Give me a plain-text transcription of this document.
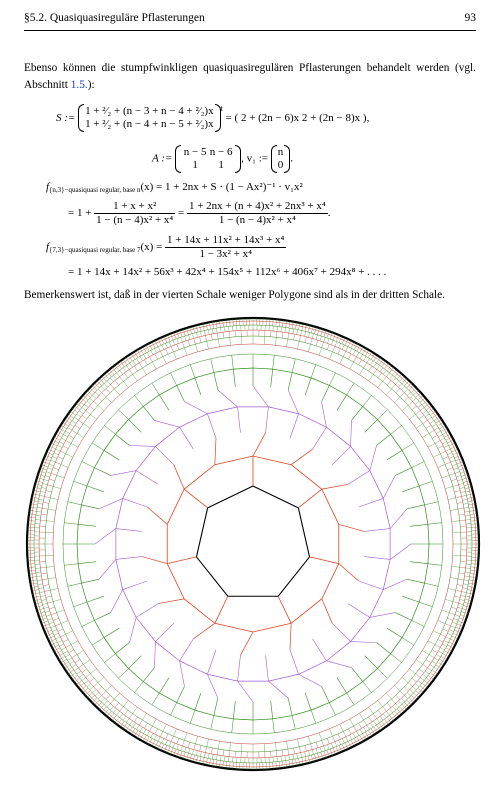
§5.2. Quasiquasireguläre Pflasterungen	93
Ebenso können die stumpfwinkligen quasiquasiregulären Pflasterungen behandelt werden (vgl. Abschnitt 1.5.):
S :=
1 + ²⁄₂ + (n − 3 + n − 4 + ²⁄₂)x
1 + ²⁄₂ + (n − 4 + n − 5 + ²⁄₂)x
$^t$ = ( 2 + (2n − 6)x 2 + (2n − 8)x ),
A :=
n − 5 n − 6
1 1
, v₁ :=
n
0
.
$f_{\{n,3\}-quasiquasi regular, base n}(x) = 1 + 2nx + S \cdot (1 - Ax^2)^{-1} \cdot v_1x^2$
= $1 + \frac{\text{1 + x + x²}}{\text{1 − (n − 4)x² + x⁴}} = \frac{\text{1 + 2nx + (n + 4)x² + 2nx³ + x⁴}}{\text{1 − (n − 4)x² + x⁴}}$ .
$f_{\{7,3\}-quasiquasi regular, base 7}(x) = \frac{\text{1 + 14x + 11x² + 14x³ + x⁴}}{\text{1 − 3x² + x⁴}}$
= 1 + 14x + 14x² + 56x³ + 42x⁴ + 154x⁵ + 112x⁶ + 406x⁷ + 294x⁸ + . . . .
Bemerkenswert ist, daß in der vierten Schale weniger Polygone sind als in der dritten Schale.
